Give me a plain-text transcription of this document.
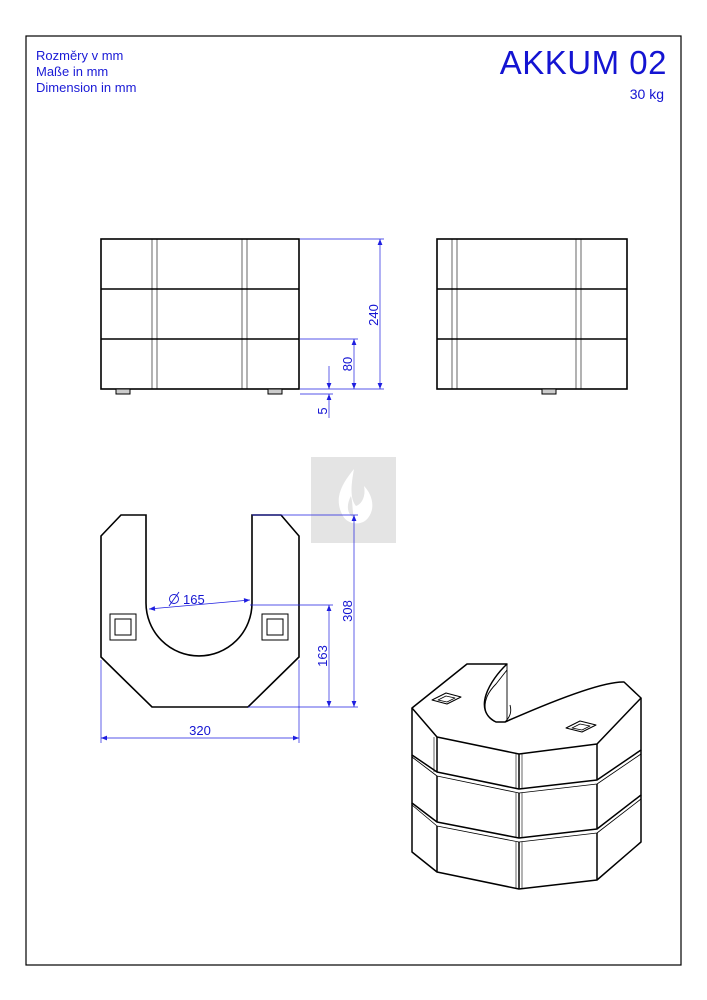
Rozměry v mm
Maße in mm
Dimension in mm
AKKUM 02
30 kg
240
80
5
308
163
320
165
